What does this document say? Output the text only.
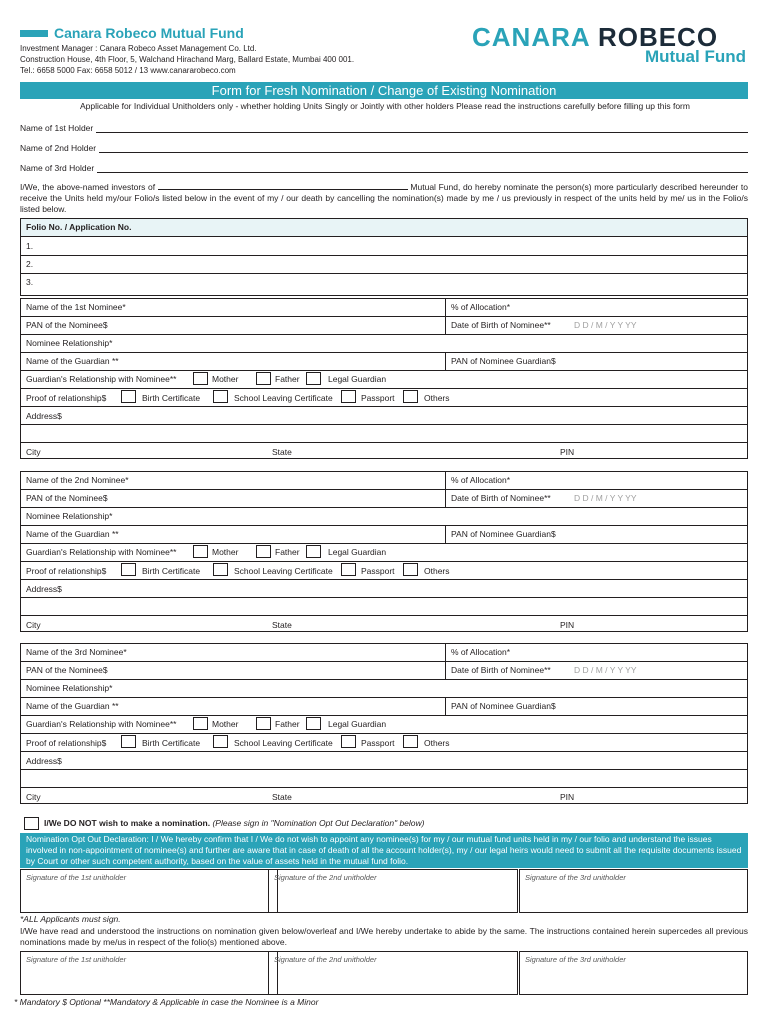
Canara Robeco Mutual Fund
Investment Manager : Canara Robeco Asset Management Co. Ltd.
Construction House, 4th Floor, 5, Walchand Hirachand Marg, Ballard Estate, Mumbai 400 001.
Tel.: 6658 5000 Fax: 6658 5012 / 13 www.canararobeco.com
CANARA ROBECO
Mutual Fund
Form for Fresh Nomination / Change of Existing Nomination
Applicable for Individual Unitholders only - whether holding Units Singly or Jointly with other holders Please read the instructions carefully before filling up this form
Name of 1st Holder
Name of 2nd Holder
Name of 3rd Holder
I/We, the above-named investors of	Mutual Fund, do hereby nominate the person(s) more particularly described hereunder to receive the Units held my/our Folio/s listed below in the event of my / our death by cancelling the nomination(s) made by me / us previously in respect of the units held by me/ us in the Folio/s listed below.
Folio No. / Application No.
1.
2.
3.
Name of the 1st Nominee*	% of Allocation*
PAN of the Nominee$	Date of Birth of Nominee**	D D / M / Y Y YY
Nominee Relationship*
Name of the Guardian **	PAN of Nominee Guardian$
Guardian's Relationship with Nominee**	Mother	Father	Legal Guardian
Proof of relationship$	Birth Certificate	School Leaving Certificate	Passport	Others
Address$
City	State	PIN
Name of the 2nd Nominee*	% of Allocation*
PAN of the Nominee$	Date of Birth of Nominee**	D D / M / Y Y YY
Nominee Relationship*
Name of the Guardian **	PAN of Nominee Guardian$
Guardian's Relationship with Nominee**	Mother	Father	Legal Guardian
Proof of relationship$	Birth Certificate	School Leaving Certificate	Passport	Others
Address$
City	State	PIN
Name of the 3rd Nominee*	% of Allocation*
PAN of the Nominee$	Date of Birth of Nominee**	D D / M / Y Y YY
Nominee Relationship*
Name of the Guardian **	PAN of Nominee Guardian$
Guardian's Relationship with Nominee**	Mother	Father	Legal Guardian
Proof of relationship$	Birth Certificate	School Leaving Certificate	Passport	Others
Address$
City	State	PIN
I/We DO NOT wish to make a nomination. (Please sign in "Nomination Opt Out Declaration" below)
Nomination Opt Out Declaration: I / We hereby confirm that I / We do not wish to appoint any nominee(s) for my / our mutual fund units held in my / our folio and understand the issues involved in non-appointment of nominee(s) and further are aware that in case of death of all the account holder(s), my / our legal heirs would need to submit all the requisite documents issued by Court or other such competent authority, based on the value of assets held in the mutual fund folio.
Signature of the 1st unitholder	Signature of the 2nd unitholder	Signature of the 3rd unitholder
*ALL Applicants must sign.
I/We have read and understood the instructions on nomination given below/overleaf and I/We hereby undertake to abide by the same. The instructions contained herein supercedes all previous nominations made by me/us in respect of the folio(s) mentioned above.
Signature of the 1st unitholder	Signature of the 2nd unitholder	Signature of the 3rd unitholder
* Mandatory $ Optional **Mandatory & Applicable in case the Nominee is a Minor
